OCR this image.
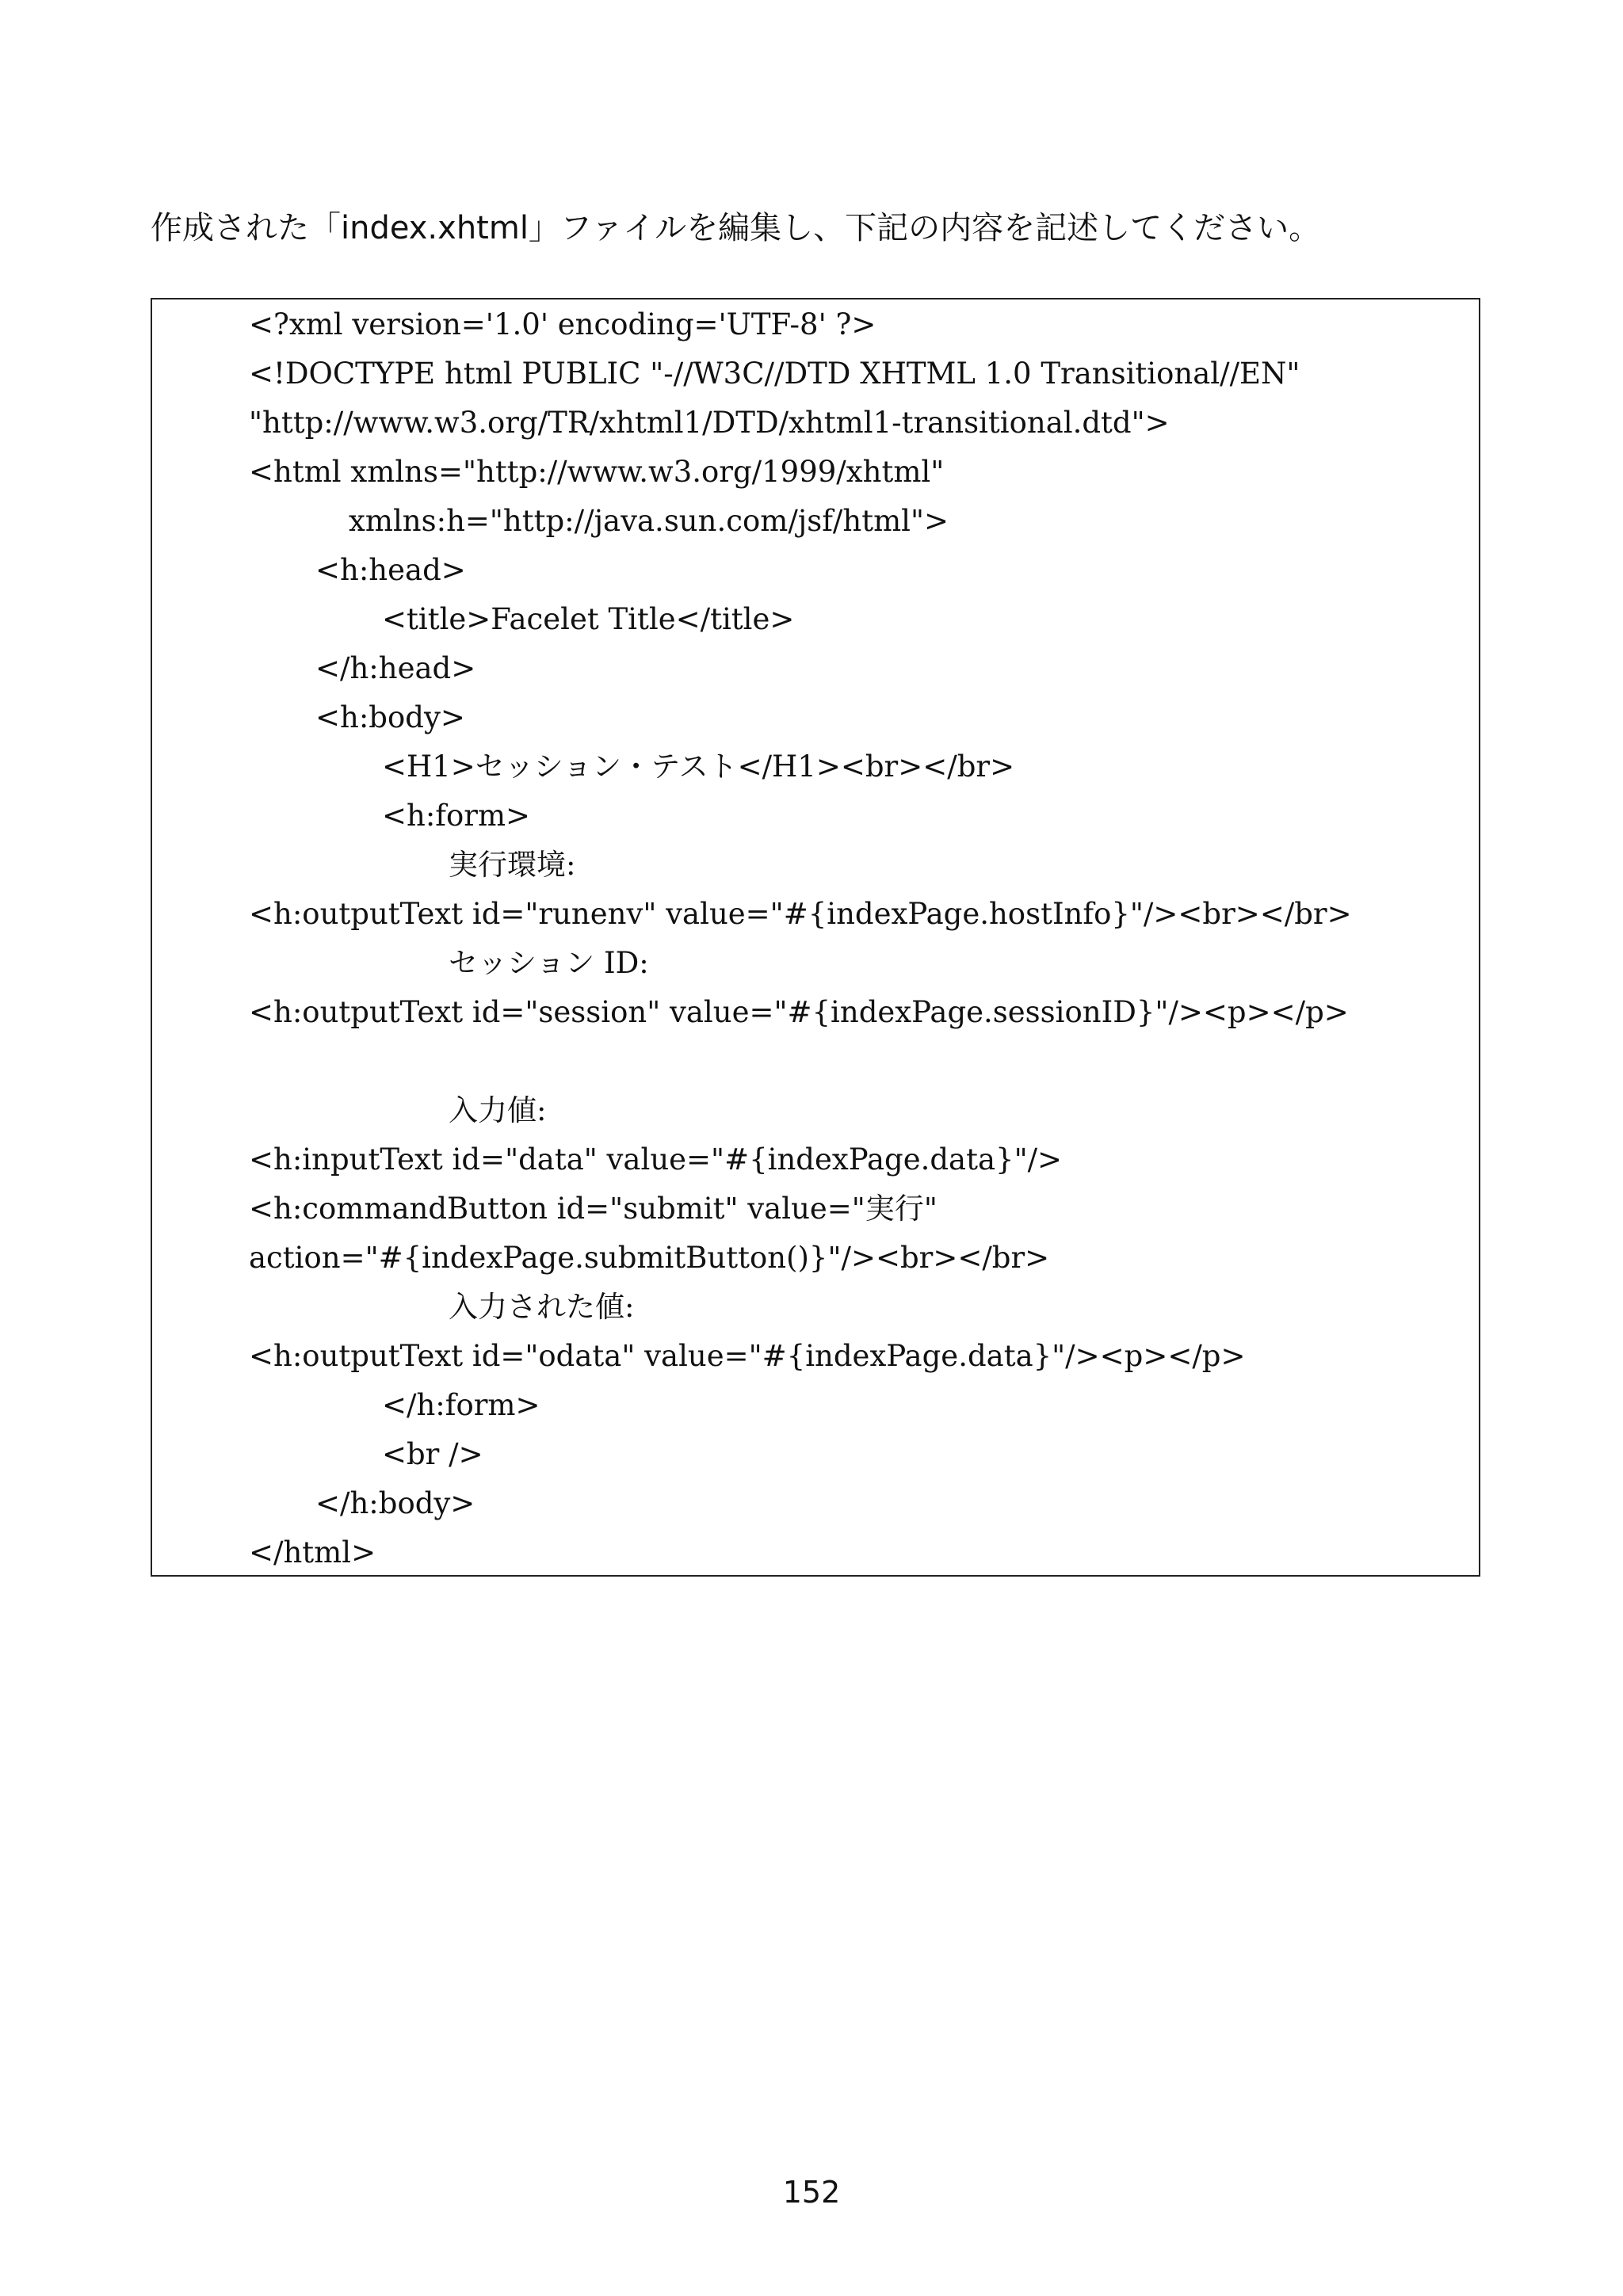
作成された「index.xhtml」ファイルを編集し、下記の内容を記述してください。
<?xml version='1.0' encoding='UTF-8' ?>
<!DOCTYPE html PUBLIC "-//W3C//DTD XHTML 1.0 Transitional//EN"
"http://www.w3.org/TR/xhtml1/DTD/xhtml1-transitional.dtd">
<html xmlns="http://www.w3.org/1999/xhtml"
xmlns:h="http://java.sun.com/jsf/html">
<h:head>
<title>Facelet Title</title>
</h:head>
<h:body>
<H1>セッション・テスト</H1><br></br>
<h:form>
実行環境:
<h:outputText id="runenv" value="#{indexPage.hostInfo}"/><br></br>
セッション ID:
<h:outputText id="session" value="#{indexPage.sessionID}"/><p></p>
入力値:
<h:inputText id="data" value="#{indexPage.data}"/>
<h:commandButton id="submit" value="実行"
action="#{indexPage.submitButton()}"/><br></br>
入力された値:
<h:outputText id="odata" value="#{indexPage.data}"/><p></p>
</h:form>
<br />
</h:body>
</html>
152
